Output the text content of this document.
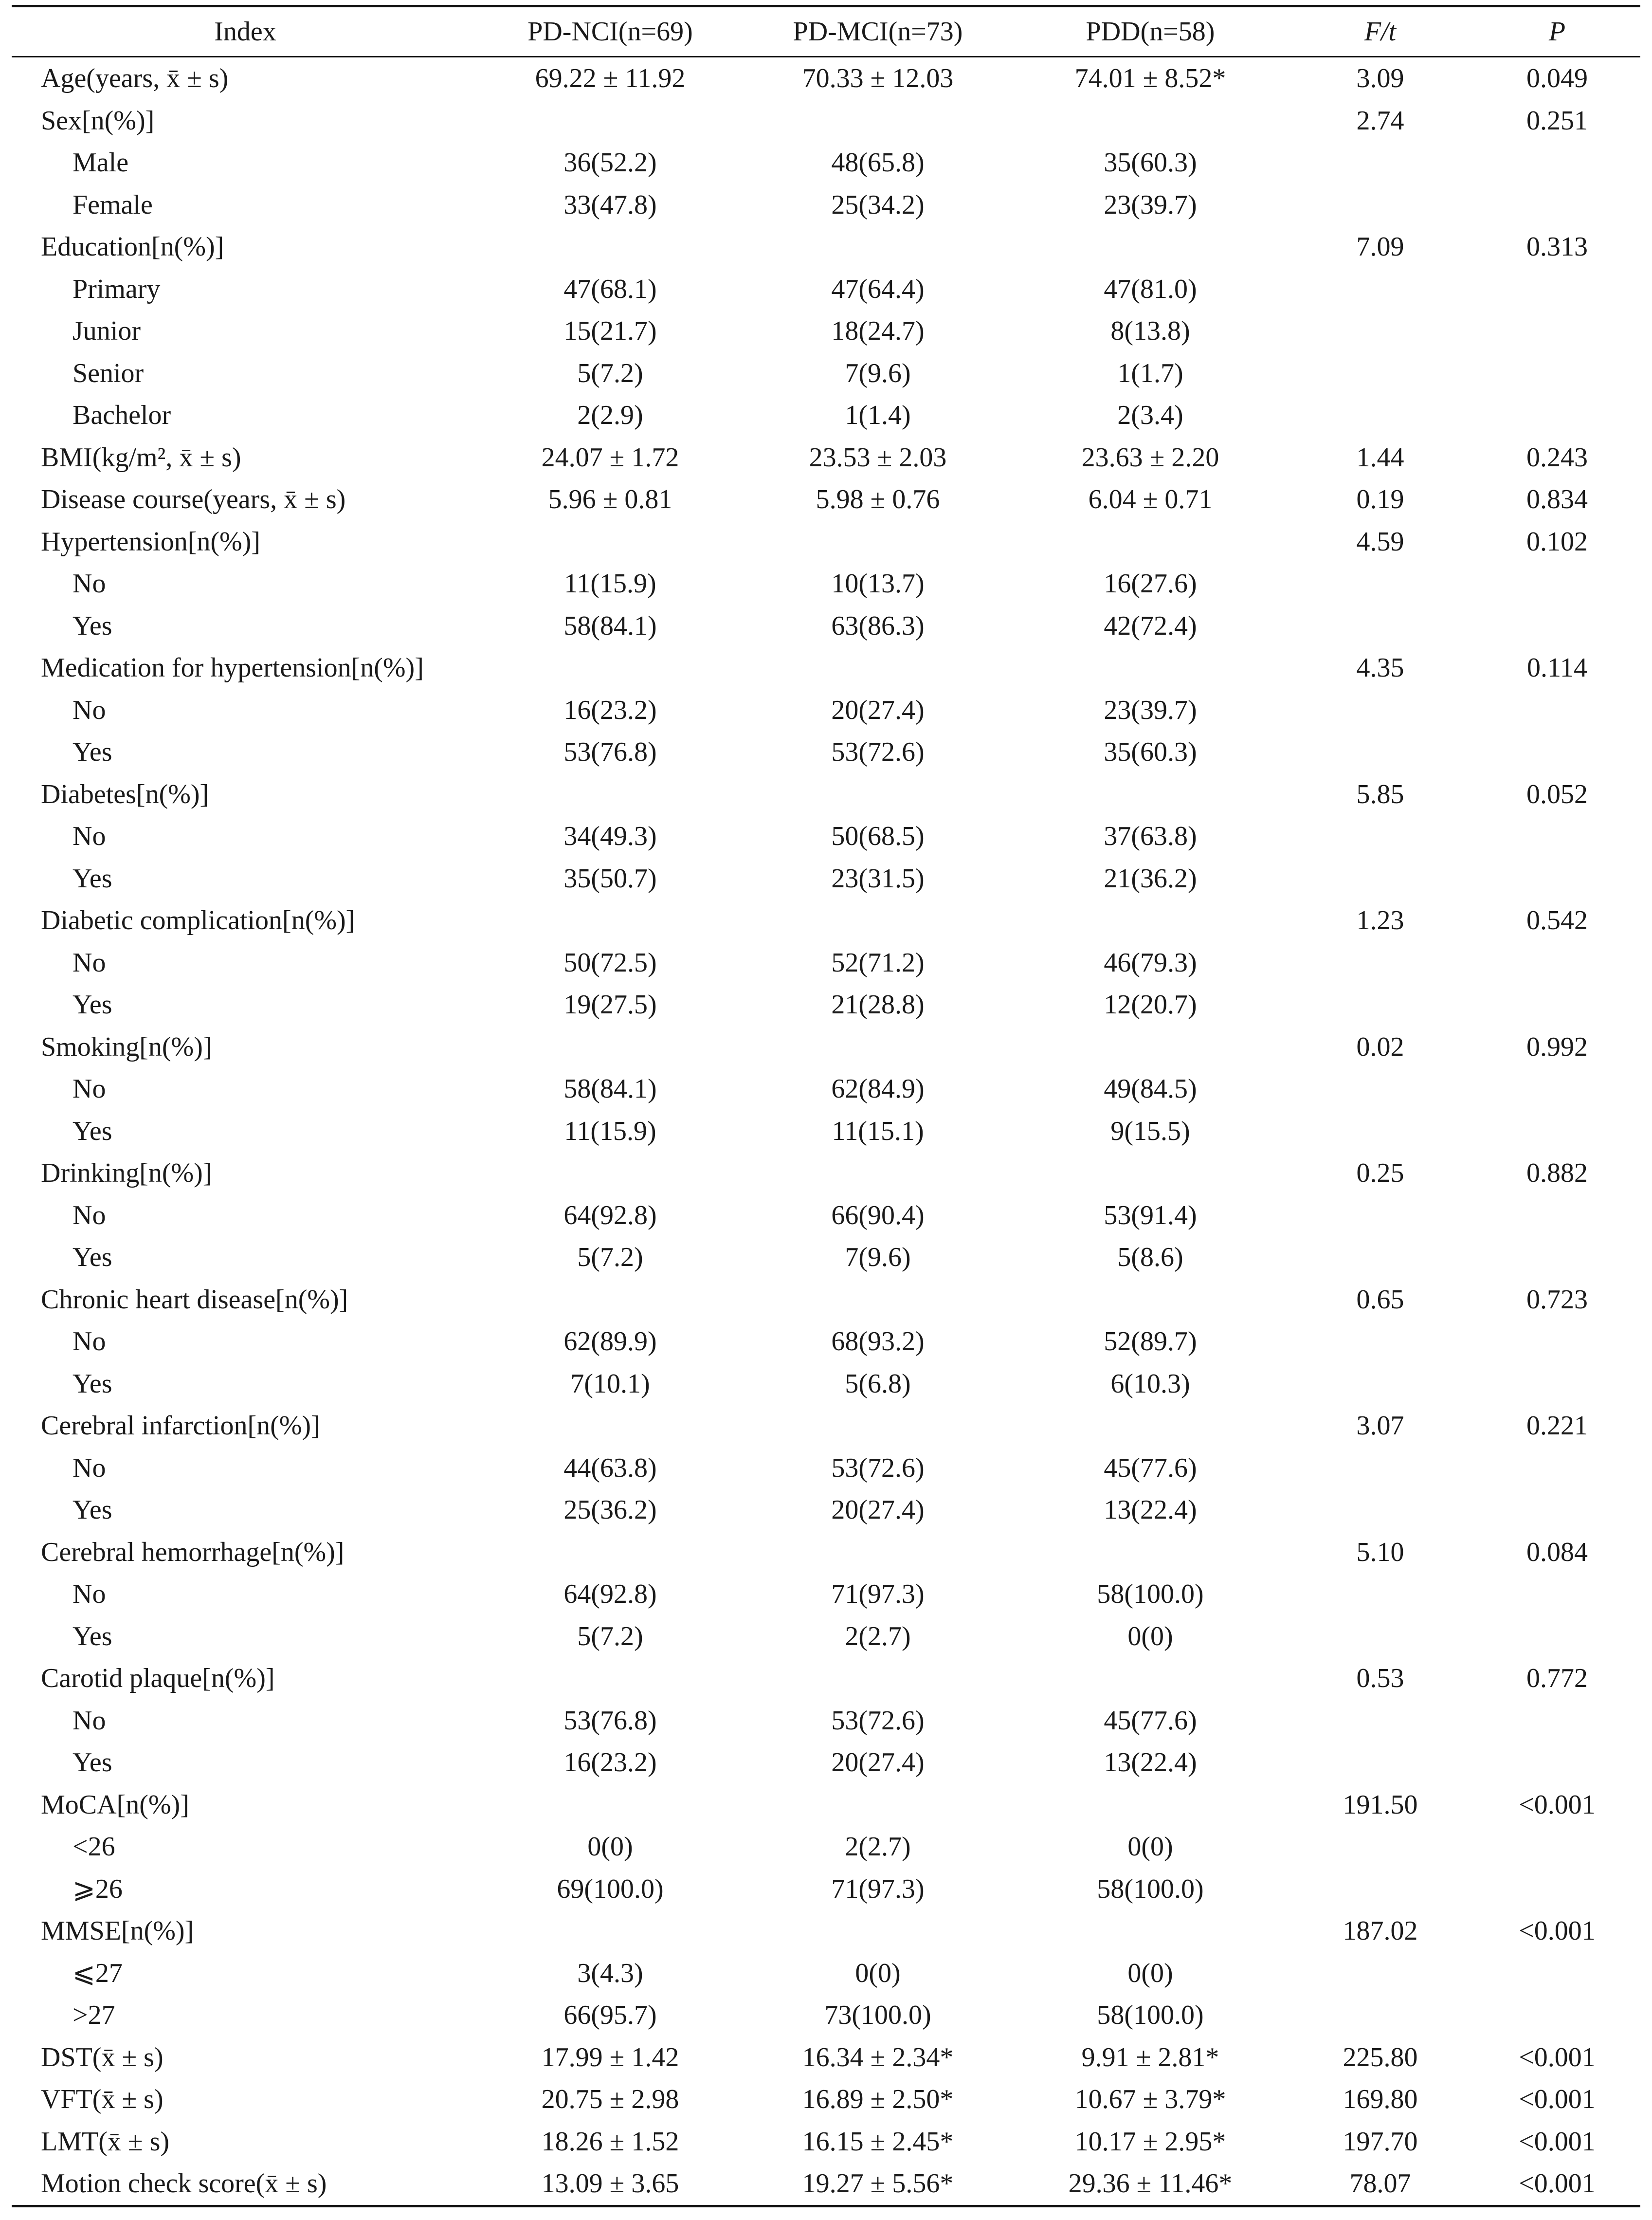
Index	PD-NCI(n=69)	PD-MCI(n=73)	PDD(n=58)	F/t	P
Age(years, x̄ ± s)	69.22 ± 11.92	70.33 ± 12.03	74.01 ± 8.52*	3.09	0.049
Sex[n(%)]				2.74	0.251
Male	36(52.2)	48(65.8)	35(60.3)		
Female	33(47.8)	25(34.2)	23(39.7)		
Education[n(%)]				7.09	0.313
Primary	47(68.1)	47(64.4)	47(81.0)		
Junior	15(21.7)	18(24.7)	8(13.8)		
Senior	5(7.2)	7(9.6)	1(1.7)		
Bachelor	2(2.9)	1(1.4)	2(3.4)		
BMI(kg/m², x̄ ± s)	24.07 ± 1.72	23.53 ± 2.03	23.63 ± 2.20	1.44	0.243
Disease course(years, x̄ ± s)	5.96 ± 0.81	5.98 ± 0.76	6.04 ± 0.71	0.19	0.834
Hypertension[n(%)]				4.59	0.102
No	11(15.9)	10(13.7)	16(27.6)		
Yes	58(84.1)	63(86.3)	42(72.4)		
Medication for hypertension[n(%)]				4.35	0.114
No	16(23.2)	20(27.4)	23(39.7)		
Yes	53(76.8)	53(72.6)	35(60.3)		
Diabetes[n(%)]				5.85	0.052
No	34(49.3)	50(68.5)	37(63.8)		
Yes	35(50.7)	23(31.5)	21(36.2)		
Diabetic complication[n(%)]				1.23	0.542
No	50(72.5)	52(71.2)	46(79.3)		
Yes	19(27.5)	21(28.8)	12(20.7)		
Smoking[n(%)]				0.02	0.992
No	58(84.1)	62(84.9)	49(84.5)		
Yes	11(15.9)	11(15.1)	9(15.5)		
Drinking[n(%)]				0.25	0.882
No	64(92.8)	66(90.4)	53(91.4)		
Yes	5(7.2)	7(9.6)	5(8.6)		
Chronic heart disease[n(%)]				0.65	0.723
No	62(89.9)	68(93.2)	52(89.7)		
Yes	7(10.1)	5(6.8)	6(10.3)		
Cerebral infarction[n(%)]				3.07	0.221
No	44(63.8)	53(72.6)	45(77.6)		
Yes	25(36.2)	20(27.4)	13(22.4)		
Cerebral hemorrhage[n(%)]				5.10	0.084
No	64(92.8)	71(97.3)	58(100.0)		
Yes	5(7.2)	2(2.7)	0(0)		
Carotid plaque[n(%)]				0.53	0.772
No	53(76.8)	53(72.6)	45(77.6)		
Yes	16(23.2)	20(27.4)	13(22.4)		
MoCA[n(%)]				191.50	<0.001
<26	0(0)	2(2.7)	0(0)		
⩾26	69(100.0)	71(97.3)	58(100.0)		
MMSE[n(%)]				187.02	<0.001
⩽27	3(4.3)	0(0)	0(0)		
>27	66(95.7)	73(100.0)	58(100.0)		
DST(x̄ ± s)	17.99 ± 1.42	16.34 ± 2.34*	9.91 ± 2.81*	225.80	<0.001
VFT(x̄ ± s)	20.75 ± 2.98	16.89 ± 2.50*	10.67 ± 3.79*	169.80	<0.001
LMT(x̄ ± s)	18.26 ± 1.52	16.15 ± 2.45*	10.17 ± 2.95*	197.70	<0.001
Motion check score(x̄ ± s)	13.09 ± 3.65	19.27 ± 5.56*	29.36 ± 11.46*	78.07	<0.001
